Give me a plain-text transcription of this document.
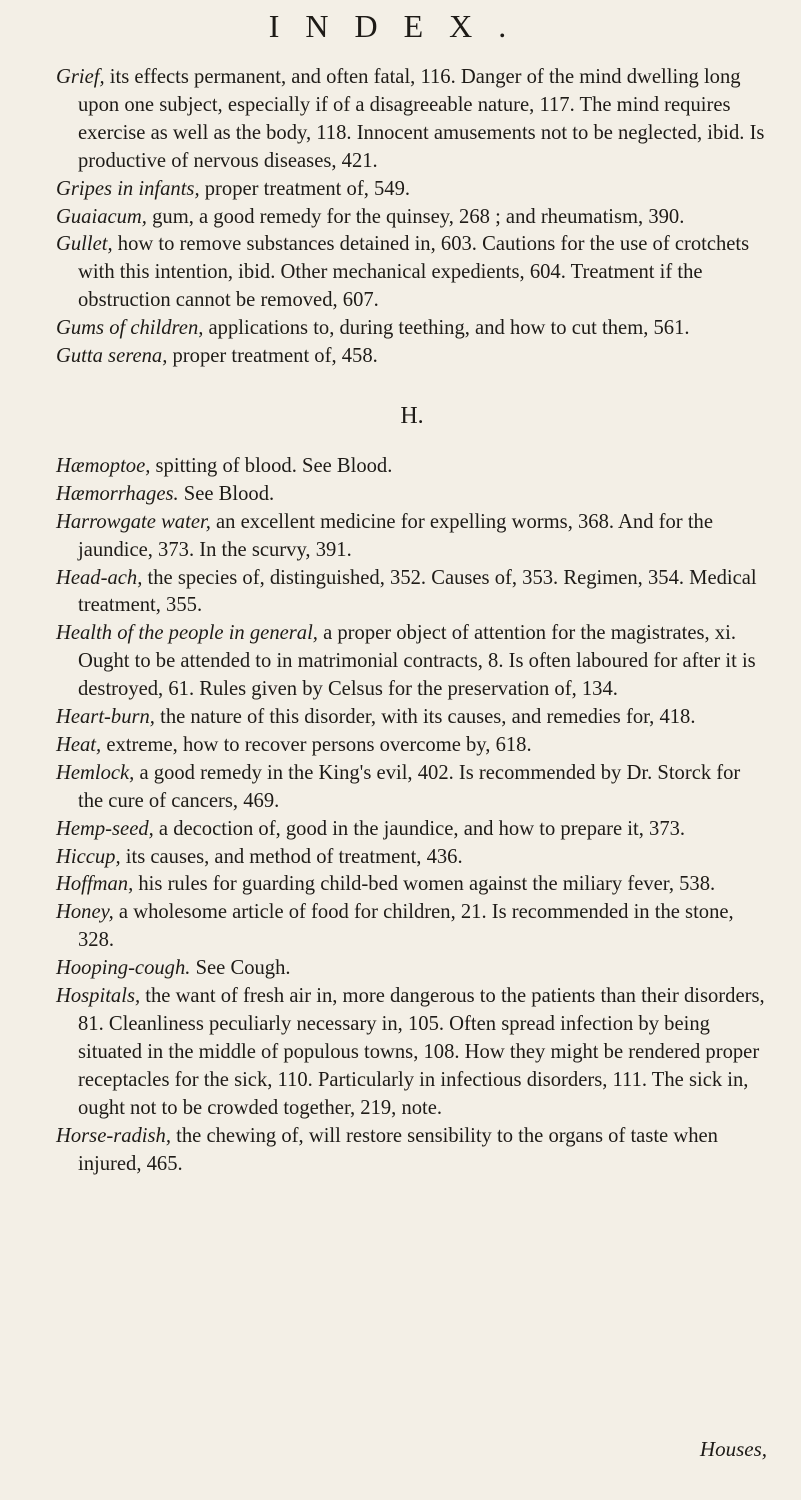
INDEX.

Grief, its effects permanent, and often fatal, 116. Danger of the mind dwelling long upon one subject, especially if of a disagreeable nature, 117. The mind requires exercise as well as the body, 118. Innocent amusements not to be neglected, ibid. Is productive of nervous diseases, 421.

Gripes in infants, proper treatment of, 549.

Guaiacum, gum, a good remedy for the quinsey, 268 ; and rheumatism, 390.

Gullet, how to remove substances detained in, 603. Cautions for the use of crotchets with this intention, ibid. Other mechanical expedients, 604. Treatment if the obstruction cannot be removed, 607.

Gums of children, applications to, during teething, and how to cut them, 561.

Gutta serena, proper treatment of, 458.

H.

Hæmoptoe, spitting of blood. See Blood.

Hæmorrhages. See Blood.

Harrowgate water, an excellent medicine for expelling worms, 368. And for the jaundice, 373. In the scurvy, 391.

Head-ach, the species of, distinguished, 352. Causes of, 353. Regimen, 354. Medical treatment, 355.

Health of the people in general, a proper object of attention for the magistrates, xi. Ought to be attended to in matrimonial contracts, 8. Is often laboured for after it is destroyed, 61. Rules given by Celsus for the preservation of, 134.

Heart-burn, the nature of this disorder, with its causes, and remedies for, 418.

Heat, extreme, how to recover persons overcome by, 618.

Hemlock, a good remedy in the King's evil, 402. Is recommended by Dr. Storck for the cure of cancers, 469.

Hemp-seed, a decoction of, good in the jaundice, and how to prepare it, 373.

Hiccup, its causes, and method of treatment, 436.

Hoffman, his rules for guarding child-bed women against the miliary fever, 538.

Honey, a wholesome article of food for children, 21. Is recommended in the stone, 328.

Hooping-cough. See Cough.

Hospitals, the want of fresh air in, more dangerous to the patients than their disorders, 81. Cleanliness peculiarly necessary in, 105. Often spread infection by being situated in the middle of populous towns, 108. How they might be rendered proper receptacles for the sick, 110. Particularly in infectious disorders, 111. The sick in, ought not to be crowded together, 219, note.

Horse-radish, the chewing of, will restore sensibility to the organs of taste when injured, 465.

Houses,
